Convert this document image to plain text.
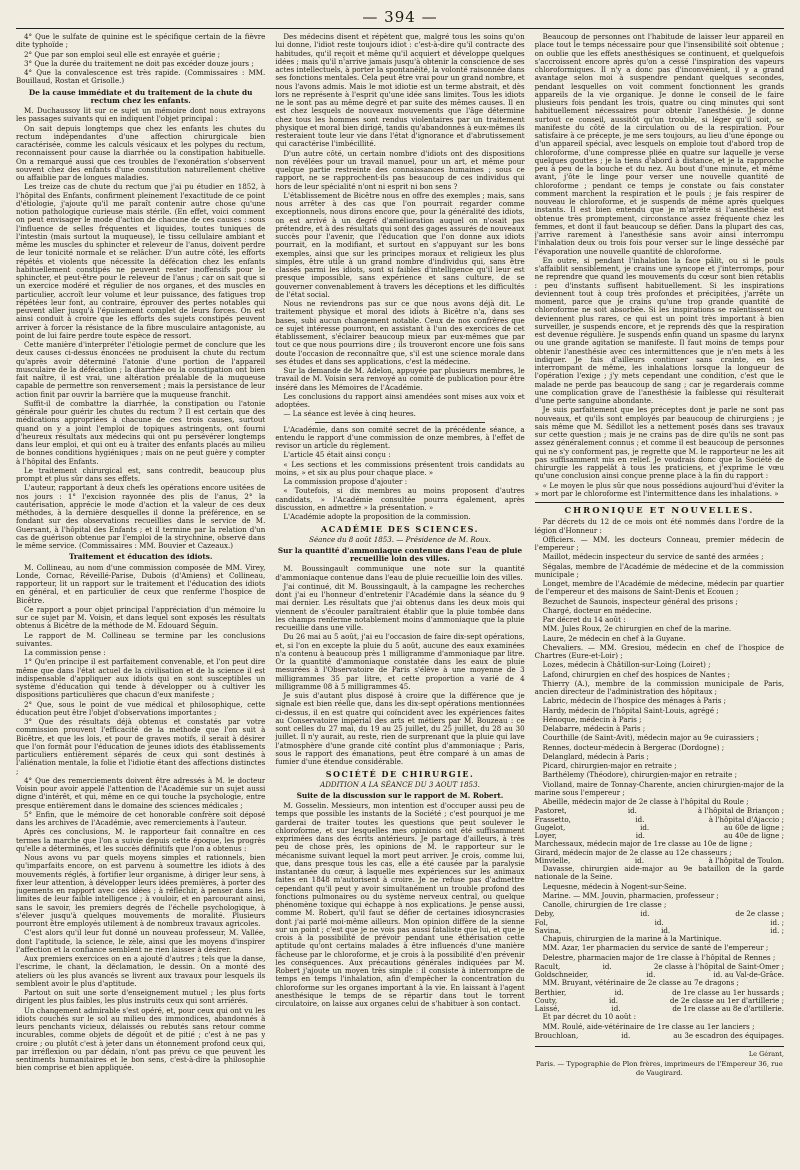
— 394 —

4° Que le sulfate de quinine est le spécifique certain de la fièvre dite typhoïde ;

2° Que par son emploi seul elle est enrayée et guérie ;

3° Que la durée du traitement ne doit pas excéder douze jours ;

4° Que la convalescence est très rapide. (Commissaires : MM. Bouillaud, Rostan et Grisolle.)

De la cause immédiate et du traitement de la chute du rectum chez les enfants.

M. Duchaussoy lit sur ce sujet un mémoire dont nous extrayons les passages suivants qui en indiquent l'objet principal :

On sait depuis longtemps que chez les enfants les chutes du rectum indépendantes d'une affection chirurgicale bien caractérisée, comme les calculs vésicaux et les polypes du rectum, reconnaissent pour cause la diarrhée ou la constipation habituelle. On a remarqué aussi que ces troubles de l'exonération s'observent souvent chez des enfants d'une constitution naturellement chétive ou affaiblie par de longues maladies.

Les treize cas de chute du rectum que j'ai pu étudier en 1852, à l'hôpital des Enfants, confirment pleinement l'exactitude de ce point d'étiologie, j'ajoute qu'il me paraît contenir autre chose qu'une notion pathologique curieuse mais stérile. (En effet, voici comment on peut envisager le mode d'action de chacune de ces causes : sous l'influence de selles fréquentes et liquides, toutes tuniques de l'intestin (mais surtout la muqueuse), le tissu cellulaire ambiant et même les muscles du sphincter et releveur de l'anus, doivent perdre de leur tonicité normale et se relâcher. D'un autre côté, les efforts répétés et violents que nécessite la défécation chez les enfants habituellement constipés ne peuvent rester inoffensifs pour le sphincter, et peut-être pour le releveur de l'anus ; car on sait que si un exercice modéré et régulier de nos organes, et des muscles en particulier, accroît leur volume et leur puissance, des fatigues trop répétées leur font, au contraire, éprouver des pertes notables qui peuvent aller jusqu'à l'épuisement complet de leurs forces. On est ainsi conduit à croire que les efforts des sujets constipés peuvent arriver à forcer la résistance de la fibre musculaire antagoniste, au point de lui faire perdre toute espèce de ressort.

Cette manière d'interpréter l'étiologie permet de conclure que les deux causes ci-dessus énoncées ne produisent la chute du rectum qu'après avoir déterminé l'atonie d'une portion de l'appareil musculaire de la défécation ; la diarrhée ou la constipation ont bien fait naître, il est vrai, une altération préalable de la muqueuse capable de permettre son renversement ; mais la persistance de leur action finit par ouvrir la barrière que la muqueuse franchit.

Suffit-il de combattre la diarrhée, la constipation ou l'atonie générale pour guérir les chutes du rectum ? Il est certain que des médications appropriées à chacune de ces trois causes, surtout quand on y a joint l'emploi de topiques astringents, ont fourni d'heureux résultats aux médecins qui ont pu persévérer longtemps dans leur emploi, et qui ont eu à traiter des enfants placés au milieu de bonnes conditions hygiéniques ; mais on ne peut guère y compter à l'hôpital des Enfants.

Le traitement chirurgical est, sans contredit, beaucoup plus prompt et plus sûr dans ses effets.

L'auteur, rapportant à deux chefs les opérations encore usitées de nos jours : 1° l'excision rayonnée des plis de l'anus, 2° la cautérisation, apprécie le mode d'action et la valeur de ces deux méthodes, à la dernière desquelles il donne la préférence, en se fondant sur des observations recueillies dans le service de M. Guersant, à l'hôpital des Enfants ; et il termine par la relation d'un cas de guérison obtenue par l'emploi de la strychnine, observé dans le même service. (Commissaires : MM. Bouvier et Cazeaux.)

Traitement et éducation des idiots.

M. Collineau, au nom d'une commission composée de MM. Virey, Londe, Cornac, Réveillé-Parise, Dubois (d'Amiens) et Collineau, rapporteur, lit un rapport sur le traitement et l'éducation des idiots en général, et en particulier de ceux que renferme l'hospice de Bicêtre.

Ce rapport a pour objet principal l'appréciation d'un mémoire lu sur ce sujet par M. Voisin, et dans lequel sont exposés les résultats obtenus à Bicêtre de la méthode de M. Edouard Séguin.

Le rapport de M. Collineau se termine par les conclusions suivantes.

La commission pense :

1° Qu'en principe il est parfaitement convenable, et l'on peut dire même que dans l'état actuel de la civilisation et de la science il est indispensable d'appliquer aux idiots qui en sont susceptibles un système d'éducation qui tende à développer ou à cultiver les dispositions particulières que chacun d'eux manifeste ;

2° Que, sous le point de vue médical et philosophique, cette éducation peut être l'objet d'observations importantes ;

3° Que des résultats déjà obtenus et constatés par votre commission prouvent l'efficacité de la méthode que l'on suit à Bicêtre, et que les lois, et pour de graves motifs, il serait à désirer que l'on formât pour l'éducation de jeunes idiots des établissements particuliers entièrement séparés de ceux qui sont destinés à l'aliénation mentale, la folie et l'idiotie étant des affections distinctes ;

4° Que des remerciements doivent être adressés à M. le docteur Voisin pour avoir appelé l'attention de l'Académie sur un sujet aussi digne d'intérêt, et qui, même en ce qui touche la psychologie, entre presque entièrement dans le domaine des sciences médicales ;

5° Enfin, que le mémoire de cet honorable confrère soit déposé dans les archives de l'Académie, avec remerciements à l'auteur.

Après ces conclusions, M. le rapporteur fait connaître en ces termes la marche que l'on a suivie depuis cette époque, les progrès qu'elle a déterminés, et les succès définitifs que l'on a obtenus :

Nous avons vu par quels moyens simples et rationnels, bien qu'imparfaits encore, on est parvenu à soumettre les idiots à des mouvements réglés, à fortifier leur organisme, à diriger leur sens, à fixer leur attention, à développer leurs idées premières, à porter des jugements en rapport avec ces idées ; à réfléchir, à penser dans les limites de leur faible intelligence ; à vouloir, et en parcourant ainsi, sans le savoir, les premiers degrés de l'échelle psychologique, à s'élever jusqu'à quelques mouvements de moralité. Plusieurs pourront être employés utilement à de nombreux travaux agricoles.

C'est alors qu'il leur fut donné un nouveau professeur, M. Vallée, dont l'aptitude, la science, le zèle, ainsi que les moyens d'inspirer l'affection et la confiance semblent ne rien laisser à désirer.

Aux premiers exercices on en a ajouté d'autres ; tels que la danse, l'escrime, le chant, la déclamation, le dessin. On a monté des ateliers où les plus avancés se livrent aux travaux pour lesquels ils semblent avoir le plus d'aptitude.

Partout on suit une sorte d'enseignement mutuel ; les plus forts dirigent les plus faibles, les plus instruits ceux qui sont arriérés.

Un changement admirable s'est opéré, et, pour ceux qui ont vu les idiots couchés sur le sol au milieu des immondices, abandonnés à leurs penchants vicieux, délaissés ou rebutés sans retour comme incurables, comme objets de dégoût et de pitié ; c'est à ne pas y croire ; ou plutôt c'est à jeter dans un étonnement profond ceux qui, par irréflexion ou par dédain, n'ont pas prévu ce que peuvent les sentiments humanitaires et le bon sens, c'est-à-dire la philosophie bien comprise et bien appliquée.

Des médecins disent et répètent que, malgré tous les soins qu'on lui donne, l'idiot reste toujours idiot : c'est-à-dire qu'il contracte des habitudes, qu'il reçoit et même qu'il acquiert et développe quelques idées ; mais qu'il n'arrive jamais jusqu'à obtenir la conscience de ses actes intellectuels, à porter la spontanéité, la volonté raisonnée dans ses fonctions mentales. Cela peut être vrai pour un grand nombre, et nous l'avons admis. Mais le mot idiotie est un terme abstrait, et dès lors ne représente à l'esprit qu'une idée sans limites. Tous les idiots ne le sont pas au même degré et par suite des mêmes causes. Il en est chez lesquels de nouveaux mouvements que l'âge détermine chez tous les hommes sont rendus violentaires par un traitement physique et moral bien dirigé, tandis qu'abandonnés à eux-mêmes ils resteraient toute leur vie dans l'état d'ignorance et d'abrutissement qui caractérise l'imbécillité.

D'un autre côté, un certain nombre d'idiots ont des dispositions non révélées pour un travail manuel, pour un art, et même pour quelque partie restreinte des connaissances humaines ; sous ce rapport, ne se rapprochent-ils pas beaucoup de ces individus qui hors de leur spécialité n'ont ni esprit ni bon sens ?

L'établissement de Bicêtre nous en offre des exemples ; mais, sans nous arrêter à des cas que l'on pourrait regarder comme exceptionnels, nous dirons encore que, pour la généralité des idiots, on est arrivé à un degré d'amélioration auquel on n'osait pas prétendre, et à des résultats qui sont des gages assurés de nouveaux succès pour l'avenir, que l'éducation que l'on donne aux idiots pourrait, en la modifiant, et surtout en s'appuyant sur les bons exemples, ainsi que sur les principes moraux et religieux les plus simples, être utile à un grand nombre d'individus qui, sans être classés parmi les idiots, sont si faibles d'intelligence qu'il leur est presque impossible, sans expérience et sans culture, de se gouverner convenablement à travers les déceptions et les difficultés de l'état social.

Nous ne reviendrons pas sur ce que nous avons déjà dit. Le traitement physique et moral des idiots à Bicêtre n'a, dans ses bases, subi aucun changement notable. Ceux de nos confrères que ce sujet intéresse pourront, en assistant à l'un des exercices de cet établissement, s'éclairer beaucoup mieux par eux-mêmes que par tout ce que nous pourrions dire ; ils trouveront encore une fois sans doute l'occasion de reconnaître que, s'il est une science morale dans ses études et dans ses applications, c'est la médecine.

Sur la demande de M. Adelon, appuyée par plusieurs membres, le travail de M. Voisin sera renvoyé au comité de publication pour être inséré dans les Mémoires de l'Académie.

Les conclusions du rapport ainsi amendées sont mises aux voix et adoptées.

— La séance est levée à cinq heures.

L'Académie, dans son comité secret de la précédente séance, a entendu le rapport d'une commission de onze membres, à l'effet de revisor un article du règlement.

L'article 45 était ainsi conçu :

« Les sections et les commissions présentent trois candidats au moins, » et six au plus pour chaque place. »

La commission propose d'ajouter :

« Toutefois, si dix membres au moins proposent d'autres candidats, » l'Académie consultée pourra également, après discussion, en admettre » la présentation. »

L'Académie adopte la proposition de la commission.

ACADÉMIE DES SCIENCES.
Séance du 8 août 1853. — Présidence de M. Roux.
Sur la quantité d'ammoniaque contenue dans l'eau de pluie recueillie loin des villes.

M. Boussingault communique une note sur la quantité d'ammoniaque contenue dans l'eau de pluie recueillie loin des villes.

J'ai continué, dit M. Boussingault, à la campagne les recherches dont j'ai eu l'honneur d'entretenir l'Académie dans la séance du 9 mai dernier. Les résultats que j'ai obtenus dans les deux mois qui viennent de s'écouler paraîtraient établir que la pluie tombée dans les champs renferme notablement moins d'ammoniaque que la pluie recueillie dans une ville.

Du 26 mai au 5 août, j'ai eu l'occasion de faire dix-sept opérations, et, si l'on en excepte la pluie du 5 août, aucune des eaux examinées n'a contenu à beaucoup près 1 milligramme d'ammoniaque par litre. Or la quantité d'ammoniaque constatée dans les eaux de pluie mesurées à l'Observatoire de Paris s'élève à une moyenne de 3 milligrammes 35 par litre, et cette proportion a varié de 4 milligramme 08 à 5 milligrammes 45.

Je suis d'autant plus disposé à croire que la différence que je signale est bien réelle que, dans les dix-sept opérations mentionnées ci-dessus, il en est quatre qui coïncident avec les expériences faites au Conservatoire impérial des arts et métiers par M. Bouzeau : ce sont celles du 27 mai, du 19 au 25 juillet, du 25 juillet, du 28 au 30 juillet. Il n'y aurait, au reste, rien de surprenant que la pluie qui lave l'atmosphère d'une grande cité contînt plus d'ammoniaque ; Paris, sous le rapport des émanations, peut être comparé à un amas de fumier d'une étendue considérable.

SOCIÉTÉ DE CHIRURGIE.
ADDITION A LA SÉANCE DU 3 AOUT 1853.
Suite de la discussion sur le rapport de M. Robert.

M. Gosselin. Messieurs, mon intention est d'occuper aussi peu de temps que possible les instants de la Société ; c'est pourquoi je me garderai de traiter toutes les questions que peut soulever le chloroforme, et sur lesquelles mes opinions ont été suffisamment exprimées dans des écrits antérieurs. Je partage d'ailleurs, à très peu de chose près, les opinions de M. le rapporteur sur le mécanisme suivant lequel la mort peut arriver. Je crois, comme lui, que, dans presque tous les cas, elle a été causée par la paralysie instantanée du cœur, à laquelle mes expériences sur les animaux faites en 1848 m'autorisent à croire. Je ne refuse pas d'admettre cependant qu'il peut y avoir simultanément un trouble profond des fonctions pulmonaires ou du système nerveux central, ou quelque phénomène toxique qui échappe à nos explications. Je pense aussi, comme M. Robert, qu'il faut se défier de certaines idiosyncrasies dont j'ai parlé moi-même ailleurs. Mon opinion diffère de la sienne sur un point ; c'est que je ne vois pas aussi fataliste que lui, et que je crois à la possibilité de prévoir pendant une éthérisation cette aptitude qu'ont certains malades à être influencés d'une manière fâcheuse par le chloroforme, et je crois à la possibilité d'en prévenir les conséquences. Aux précautions générales indiquées par M. Robert j'ajoute un moyen très simple : il consiste à interrompre de temps en temps l'inhalation, afin d'empêcher la concentration du chloroforme sur les organes important à la vie. En laissant à l'agent anesthésique le temps de se répartir dans tout le torrent circulatoire, on laisse aux organes celui de s'habituer à son contact.

Beaucoup de personnes ont l'habitude de laisser leur appareil en place tout le temps nécessaire pour que l'insensibilité soit obtenue ; on oublie que les effets anesthésiques se continuent, et quelquefois s'accroissent encore après qu'on a cessé l'inspiration des vapeurs chloroformiques. Il n'y a donc pas d'inconvénient, il y a grand avantage selon moi à suspendre pendant quelques secondes, pendant lesquelles on voit comment fonctionnent les grands appareils de la vie organique. Je donne le conseil de le faire plusieurs fois pendant les trois, quatre ou cinq minutes qui sont habituellement nécessaires pour obtenir l'anesthésie. Je donne surtout ce conseil, aussitôt qu'un trouble, si léger qu'il soit, se manifeste du côté de la circulation ou de la respiration. Pour satisfaire à ce précepte, je me sers toujours, au lieu d'une éponge ou d'un appareil spécial, avec lesquels on emploie tout d'abord trop de chloroforme, d'une compresse pliée en quatre sur laquelle je verse quelques gouttes ; je la tiens d'abord à distance, et je la rapproche peu à peu de la bouche et du nez. Au bout d'une minute, et même avant, j'ôte le linge pour verser une nouvelle quantité de chloroforme ; pendant ce temps je constate ou fais constater comment marchent la respiration et le pouls ; je fais respirer de nouveau le chloroforme, et je suspends de même après quelques instants. Il est bien entendu que je m'arrête si l'anesthésie est obtenue très promptement, circonstance assez fréquente chez les femmes, et dont il faut beaucoup se défier. Dans la plupart des cas, j'arrive rarement à l'anesthésie sans avoir ainsi interrompu l'inhalation deux ou trois fois pour verser sur le linge desséché par l'évaporation une nouvelle quantité de chloroforme.

En outre, si pendant l'inhalation la face pâlit, ou si le pouls s'affaiblit sensiblement, je crains une syncope et j'interromps, pour ne reprendre que quand les mouvements du cœur sont bien rétablis : peu d'instants suffisent habituellement. Si les inspirations deviennent tout à coup très profondes et précipitées, j'arrête un moment, parce que je crains qu'une trop grande quantité de chloroforme ne soit absorbée. Si les inspirations se ralentissent ou deviennent plus rares, ce qui est un point très important à bien surveiller, je suspends encore, et je reprends dès que la respiration est devenue régulière. Je suspends enfin quand un spasme du larynx ou une grande agitation se manifeste. Il faut moins de temps pour obtenir l'anesthésie avec ces intermittences que je n'en mets à les indiquer. Je fais d'ailleurs continuer sans crainte, en les interrompant de même, les inhalations lorsque la longueur de l'opération l'exige ; j'y mets cependant une condition, c'est que le malade ne perde pas beaucoup de sang ; car je regarderais comme une complication grave de l'anesthésie la faiblesse qui résulterait d'une perte sanguine abondante.

Je suis parfaitement que les préceptes dont je parle ne sont pas nouveaux, et qu'ils sont employés par beaucoup de chirurgiens ; je sais même que M. Sédillot les a nettement posés dans ses travaux sur cette question ; mais je ne crains pas de dire qu'ils ne sont pas assez généralement connus ; et comme il est beaucoup de personnes qui ne s'y conforment pas, je regrette que M. le rapporteur ne les ait pas suffisamment mis en relief. Je voudrais donc que la Société de chirurgie les rappelât à tous les praticiens, et j'exprime le vœu qu'une conclusion ainsi conçue prenne place à la fin du rapport :

« Le moyen le plus sûr que nous possédions aujourd'hui d'éviter la » mort par le chloroforme est l'intermittence dans les inhalations. »

CHRONIQUE ET NOUVELLES.

Par décrets du 12 de ce mois ont été nommés dans l'ordre de la légion d'Honneur :

Officiers. — MM. les docteurs Conneau, premier médecin de l'empereur ;

Maillot, médecin inspecteur du service de santé des armées ;

Ségalas, membre de l'Académie de médecine et de la commission municipale ;

Longet, membre de l'Académie de médecine, médecin par quartier de l'empereur et des maisons de Saint-Denis et Ecouen ;

Bezuchet de Saunois, inspecteur général des prisons ;

Chargé, docteur en médecine.

Par décret du 14 août :

MM. Jules Roux, 2e chirurgien en chef de la marine.

Laure, 2e médecin en chef à la Guyane.

Chevaliers. — MM. Gresiou, médecin en chef de l'hospice de Chartres (Eure-et-Loir) ;

Lozes, médecin à Châtillon-sur-Loing (Loiret) ;

Lafond, chirurgien en chef des hospices de Nantes ;

Thierry (A.), membre de la commission municipale de Paris, ancien directeur de l'administration des hôpitaux ;

Labric, médecin de l'hospice des ménages à Paris ;

Hardy, médecin de l'hôpital Saint-Louis, agrégé ;

Hénoque, médecin à Paris ;

Delabarre, médecin à Paris ;

Courthille (de Saint-Avit), médecin major au 9e cuirassiers ;

Rennes, docteur-médecin à Bergerac (Dordogne) ;

Delanglard, médecin à Paris ;

Picard, chirurgien-major en retraite ;

Barthélemy (Théodore), chirurgien-major en retraite ;

Violland, maire de Tonnay-Charente, ancien chirurgien-major de la marine sous l'empereur ;

Abeille, médecin major de 2e classe à l'hôpital du Roule ;

Pastoret,	id.	à l'hôpital de Briançon ;
Frassetto,	id.	à l'hôpital d'Ajaccio ;
Gugelot,	id.	au 60e de ligne ;
Loyer,	id.	au 40e de ligne ;
Marchessaux, médecin major de 1re classe au 10e de ligne ;
Girard, médecin major de 2e classe au 12e chasseurs ;
Minvielle,	id.	à l'hôpital de Toulon.

Davasse, chirurgien aide-major au 9e bataillon de la garde nationale de la Seine.

Lequesne, médecin à Nogent-sur-Seine.

Marine. — MM. Jouvin, pharmacien, professeur ;

Canolle, chirurgien de 1re classe ;

Deby,	id.	de 2e classe ;
Fol,	id.	id. ;
Savina,	id.	id. ;

Chapuis, chirurgien de la marine à la Martinique.

MM. Azar, 1er pharmacien du service de santé de l'empereur ;

Delestre, pharmacien major de 1re classe à l'hôpital de Rennes ;

Racult,	id.	2e classe à l'hôpital de Saint-Omer ;
Goldschneider,	id.	id. au Val-de-Grâce.

MM. Bruyant, vétérinaire de 2e classe au 7e dragons ;

Berthier,	id.	de 1re classe au 1er hussards ;
Couty,	id.	de 2e classe au 1er d'artillerie ;
Laissé,	id.	de 1re classe au 8e d'artillerie.

Et par décret du 10 août :

MM. Roulé, aide-vétérinaire de 1re classe au 1er lanciers ;

Brouchloan,	id.	au 3e escadron des équipages.
Le Gérant,
Paris. — Typographie de Plon frères, imprimeurs de l'Empereur 36, rue de Vaugirard.
